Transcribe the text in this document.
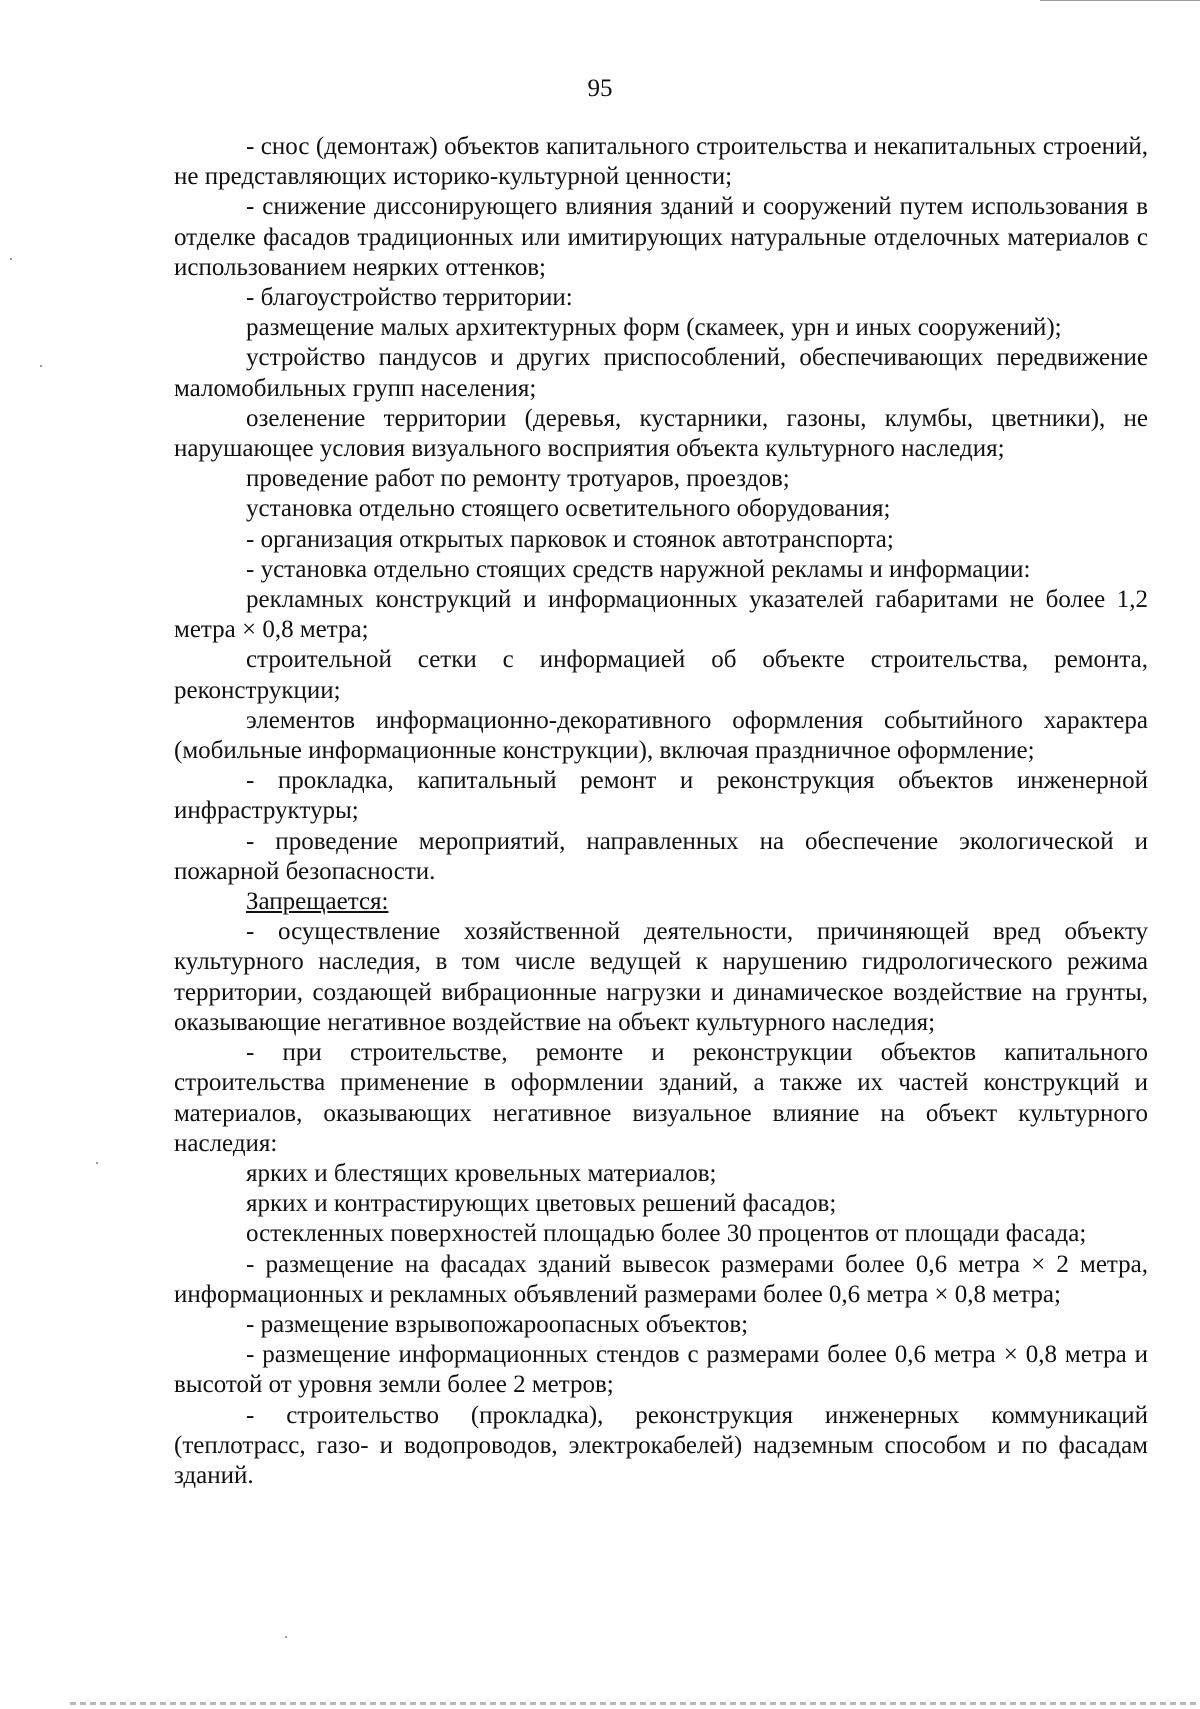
95

- снос (демонтаж) объектов капитального строительства и некапитальных строений, не представляющих историко-культурной ценности;

- снижение диссонирующего влияния зданий и сооружений путем использования в отделке фасадов традиционных или имитирующих натуральные отделочных материалов с использованием неярких оттенков;

- благоустройство территории:

размещение малых архитектурных форм (скамеек, урн и иных сооружений);

устройство пандусов и других приспособлений, обеспечивающих передвижение маломобильных групп населения;

озеленение территории (деревья, кустарники, газоны, клумбы, цветники), не нарушающее условия визуального восприятия объекта культурного наследия;

проведение работ по ремонту тротуаров, проездов;

установка отдельно стоящего осветительного оборудования;

- организация открытых парковок и стоянок автотранспорта;

- установка отдельно стоящих средств наружной рекламы и информации:

рекламных конструкций и информационных указателей габаритами не более 1,2 метра × 0,8 метра;

строительной сетки с информацией об объекте строительства, ремонта, реконструкции;

элементов информационно-декоративного оформления событийного характера (мобильные информационные конструкции), включая праздничное оформление;

- прокладка, капитальный ремонт и реконструкция объектов инженерной инфраструктуры;

- проведение мероприятий, направленных на обеспечение экологической и пожарной безопасности.

Запрещается:

- осуществление хозяйственной деятельности, причиняющей вред объекту культурного наследия, в том числе ведущей к нарушению гидрологического режима территории, создающей вибрационные нагрузки и динамическое воздействие на грунты, оказывающие негативное воздействие на объект культурного наследия;

- при строительстве, ремонте и реконструкции объектов капитального строительства применение в оформлении зданий, а также их частей конструкций и материалов, оказывающих негативное визуальное влияние на объект культурного наследия:

ярких и блестящих кровельных материалов;

ярких и контрастирующих цветовых решений фасадов;

остекленных поверхностей площадью более 30 процентов от площади фасада;

- размещение на фасадах зданий вывесок размерами более 0,6 метра × 2 метра, информационных и рекламных объявлений размерами более 0,6 метра × 0,8 метра;

- размещение взрывопожароопасных объектов;

- размещение информационных стендов с размерами более 0,6 метра × 0,8 метра и высотой от уровня земли более 2 метров;

- строительство (прокладка), реконструкция инженерных коммуникаций (теплотрасс, газо- и водопроводов, электрокабелей) надземным способом и по фасадам зданий.
